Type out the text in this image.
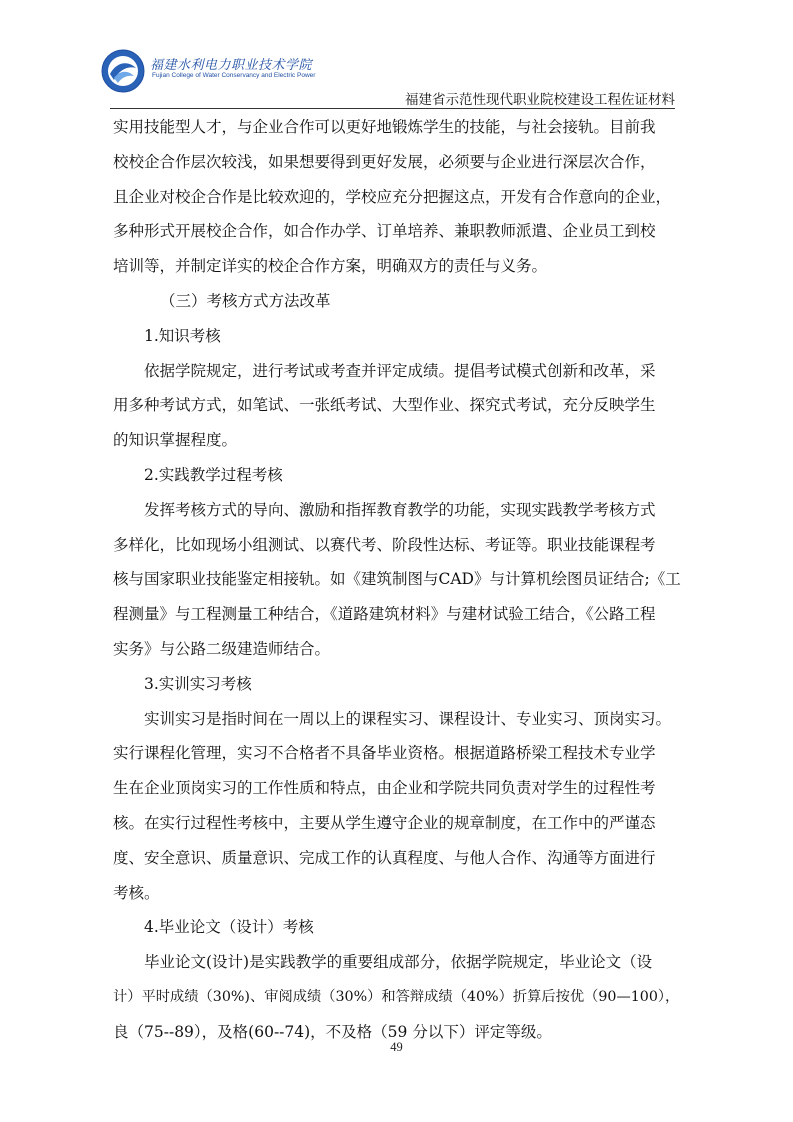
福建水利电力职业技术学院
Fujian College of Water Conservancy and Electric Power
福建省示范性现代职业院校建设工程佐证材料
实用技能型人才，与企业合作可以更好地锻炼学生的技能，与社会接轨。目前我
校校企合作层次较浅，如果想要得到更好发展，必须要与企业进行深层次合作，
且企业对校企合作是比较欢迎的，学校应充分把握这点，开发有合作意向的企业，
多种形式开展校企合作，如合作办学、订单培养、兼职教师派遣、企业员工到校
培训等，并制定详实的校企合作方案，明确双方的责任与义务。
（三）考核方式方法改革
1.知识考核
依据学院规定，进行考试或考查并评定成绩。提倡考试模式创新和改革，采
用多种考试方式，如笔试、一张纸考试、大型作业、探究式考试，充分反映学生
的知识掌握程度。
2.实践教学过程考核
发挥考核方式的导向、激励和指挥教育教学的功能，实现实践教学考核方式
多样化，比如现场小组测试、以赛代考、阶段性达标、考证等。职业技能课程考
核与国家职业技能鉴定相接轨。如《建筑制图与CAD》与计算机绘图员证结合;《工
程测量》与工程测量工种结合，《道路建筑材料》与建材试验工结合，《公路工程
实务》与公路二级建造师结合。
3.实训实习考核
实训实习是指时间在一周以上的课程实习、课程设计、专业实习、顶岗实习。
实行课程化管理，实习不合格者不具备毕业资格。根据道路桥梁工程技术专业学
生在企业顶岗实习的工作性质和特点，由企业和学院共同负责对学生的过程性考
核。在实行过程性考核中，主要从学生遵守企业的规章制度，在工作中的严谨态
度、安全意识、质量意识、完成工作的认真程度、与他人合作、沟通等方面进行
考核。
4.毕业论文（设计）考核
毕业论文(设计)是实践教学的重要组成部分，依据学院规定，毕业论文（设
计）平时成绩（30%)、审阅成绩（30%）和答辩成绩（40%）折算后按优（90—100），
良（75--89），及格(60--74)，不及格（59 分以下）评定等级。
49
